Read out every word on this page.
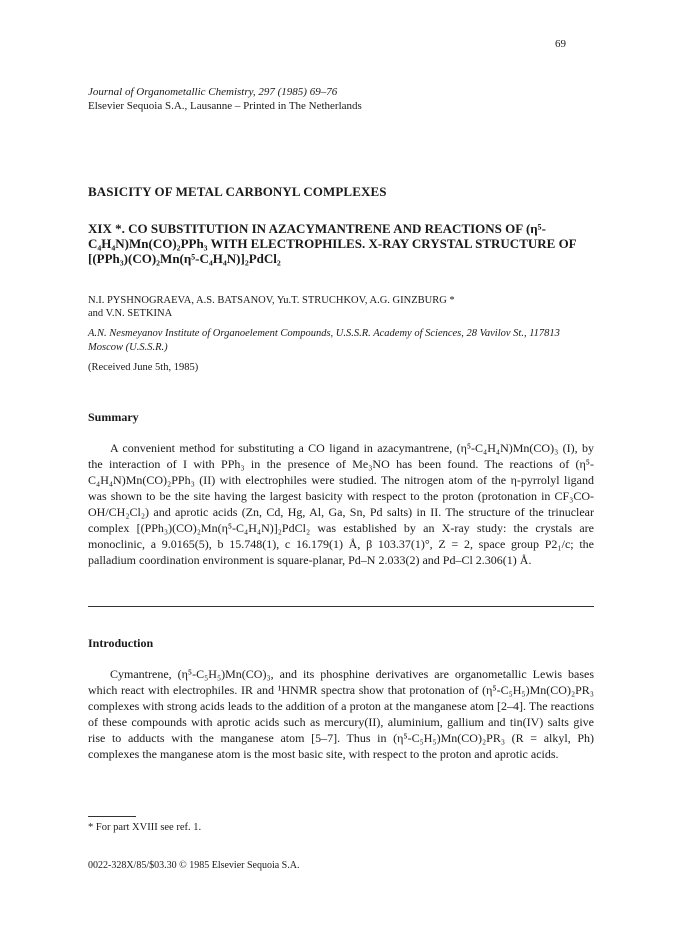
69
Journal of Organometallic Chemistry, 297 (1985) 69–76
Elsevier Sequoia S.A., Lausanne – Printed in The Netherlands
BASICITY OF METAL CARBONYL COMPLEXES
XIX *. CO SUBSTITUTION IN AZACYMANTRENE AND REACTIONS OF (η⁵-C₄H₄N)Mn(CO)₂PPh₃ WITH ELECTROPHILES. X-RAY CRYSTAL STRUCTURE OF [(PPh₃)(CO)₂Mn(η⁵-C₄H₄N)]₂PdCl₂
N.I. PYSHNOGRAEVA, A.S. BATSANOV, Yu.T. STRUCHKOV, A.G. GINZBURG *
and V.N. SETKINA
A.N. Nesmeyanov Institute of Organoelement Compounds, U.S.S.R. Academy of Sciences, 28 Vavilov St., 117813 Moscow (U.S.S.R.)
(Received June 5th, 1985)
Summary
A convenient method for substituting a CO ligand in azacymantrene, (η⁵-C₄H₄N)Mn(CO)₃ (I), by the interaction of I with PPh₃ in the presence of Me₃NO has been found. The reactions of (η⁵-C₄H₄N)Mn(CO)₂PPh₃ (II) with electrophiles were studied. The nitrogen atom of the η-pyrrolyl ligand was shown to be the site having the largest basicity with respect to the proton (protonation in CF₃CO-OH/CH₂Cl₂) and aprotic acids (Zn, Cd, Hg, Al, Ga, Sn, Pd salts) in II. The structure of the trinuclear complex [(PPh₃)(CO)₂Mn(η⁵-C₄H₄N)]₂PdCl₂ was established by an X-ray study: the crystals are monoclinic, a 9.0165(5), b 15.748(1), c 16.179(1) Å, β 103.37(1)°, Z = 2, space group P2₁/c; the palladium coordination environment is square-planar, Pd–N 2.033(2) and Pd–Cl 2.306(1) Å.
Introduction
Cymantrene, (η⁵-C₅H₅)Mn(CO)₃, and its phosphine derivatives are organometallic Lewis bases which react with electrophiles. IR and ¹HNMR spectra show that protonation of (η⁵-C₅H₅)Mn(CO)₂PR₃ complexes with strong acids leads to the addition of a proton at the manganese atom [2–4]. The reactions of these compounds with aprotic acids such as mercury(II), aluminium, gallium and tin(IV) salts give rise to adducts with the manganese atom [5–7]. Thus in (η⁵-C₅H₅)Mn(CO)₂PR₃ (R = alkyl, Ph) complexes the manganese atom is the most basic site, with respect to the proton and aprotic acids.
* For part XVIII see ref. 1.
0022-328X/85/$03.30 © 1985 Elsevier Sequoia S.A.
